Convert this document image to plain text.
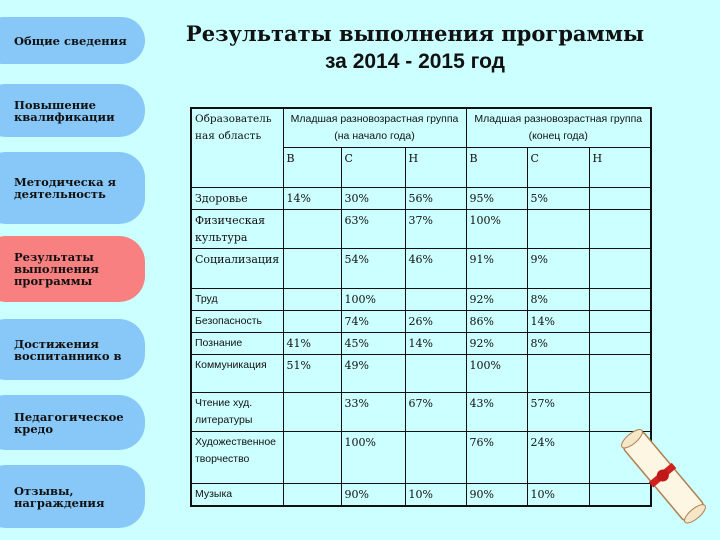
Общие сведения
Повышение квалификации
Методическа я деятельность
Результаты выполнения программы
Достижения воспитаннико в
Педагогическое кредо
Отзывы, награждения
Результаты выполнения программы
за 2014 - 2015 год
Образователь ная область	Младшая разновозрастная группа (на начало года)			Младшая разновозрастная группа (конец года)		
	В	С	Н	В	С	Н
Здоровье	14%	30%	56%	95%	5%	
Физическая культура		63%	37%	100%		
Социализация		54%	46%	91%	9%	
Труд		100%		92%	8%	
Безопасность		74%	26%	86%	14%	
Познание	41%	45%	14%	92%	8%	
Коммуникация	51%	49%		100%		
Чтение худ. литературы		33%	67%	43%	57%	
Художественное творчество		100%		76%	24%	
Музыка		90%	10%	90%	10%	
